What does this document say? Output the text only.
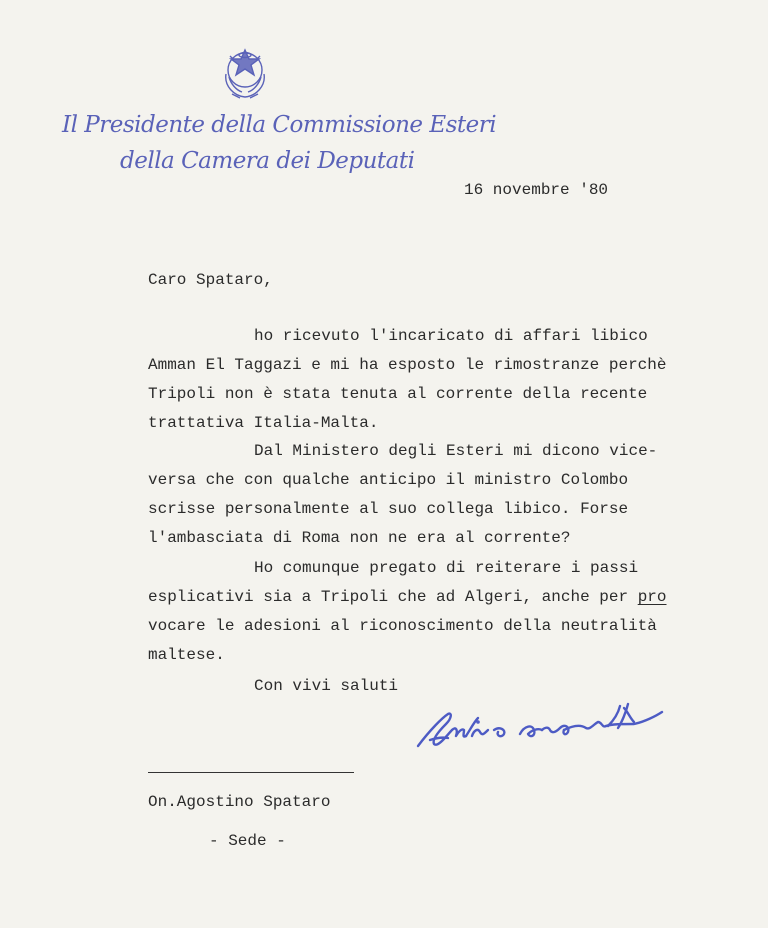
Il Presidente della Commissione Esteri
della Camera dei Deputati
16 novembre '80
Caro Spataro,
ho ricevuto l'incaricato di affari libico
Amman El Taggazi e mi ha esposto le rimostranze perchè
Tripoli non è stata tenuta al corrente della recente
trattativa Italia-Malta.
Dal Ministero degli Esteri mi dicono vice-
versa che con qualche anticipo il ministro Colombo
scrisse personalmente al suo collega libico. Forse
l'ambasciata di Roma non ne era al corrente?
Ho comunque pregato di reiterare i passi
esplicativi sia a Tripoli che ad Algeri, anche per pro
vocare le adesioni al riconoscimento della neutralità
maltese.
Con vivi saluti
On.Agostino Spataro
- Sede -
